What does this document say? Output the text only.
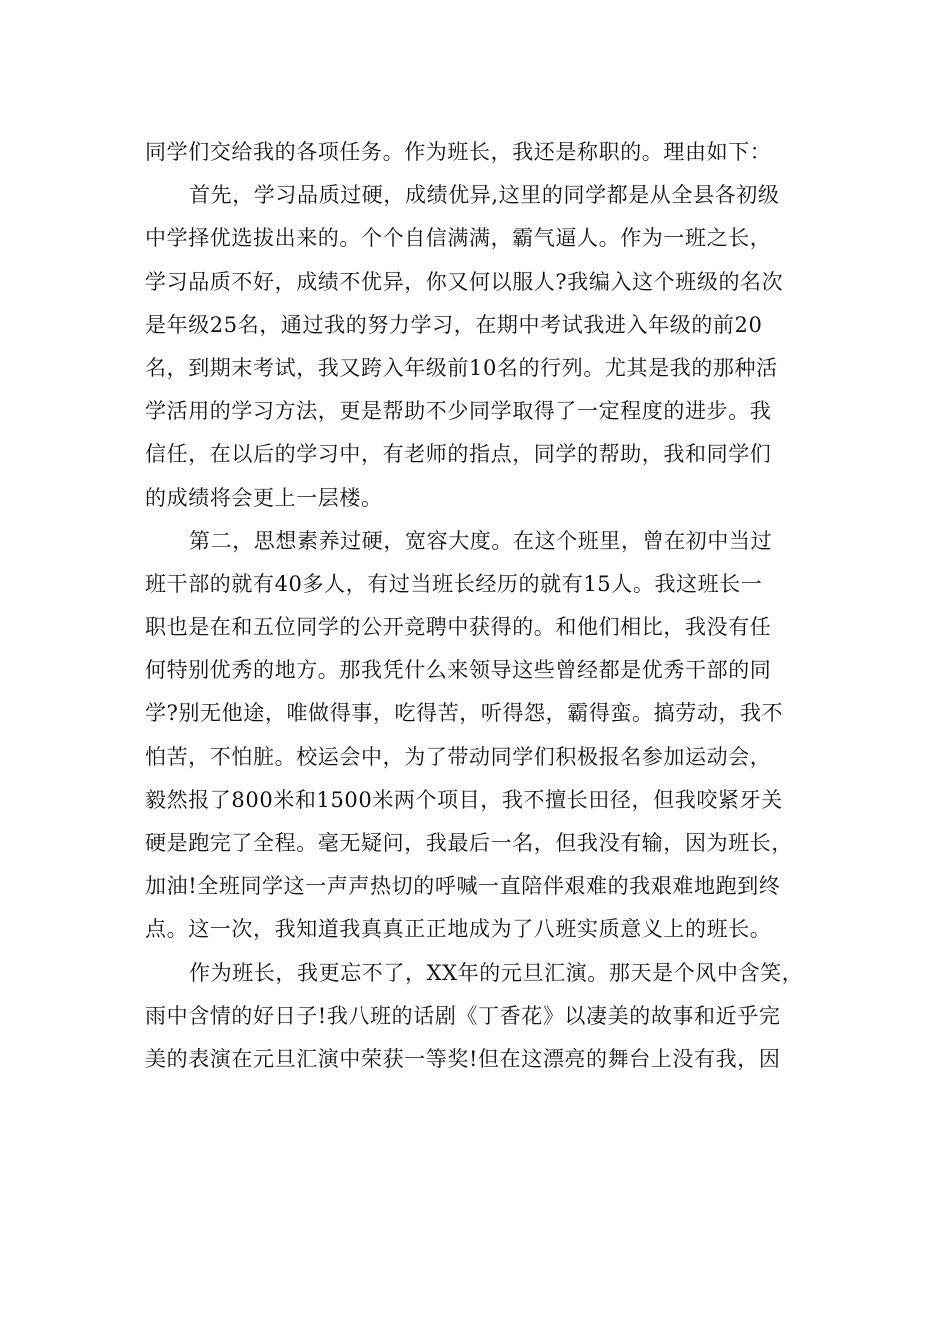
同学们交给我的各项任务。作为班长，我还是称职的。理由如下：
首先，学习品质过硬，成绩优异,这里的同学都是从全县各初级
中学择优选拔出来的。个个自信满满，霸气逼人。作为一班之长，
学习品质不好，成绩不优异，你又何以服人?我编入这个班级的名次
是年级25名，通过我的努力学习，在期中考试我进入年级的前20
名，到期末考试，我又跨入年级前10名的行列。尤其是我的那种活
学活用的学习方法，更是帮助不少同学取得了一定程度的进步。我
信任，在以后的学习中，有老师的指点，同学的帮助，我和同学们
的成绩将会更上一层楼。
第二，思想素养过硬，宽容大度。在这个班里，曾在初中当过
班干部的就有40多人，有过当班长经历的就有15人。我这班长一
职也是在和五位同学的公开竞聘中获得的。和他们相比，我没有任
何特别优秀的地方。那我凭什么来领导这些曾经都是优秀干部的同
学?别无他途，唯做得事，吃得苦，听得怨，霸得蛮。搞劳动，我不
怕苦，不怕脏。校运会中，为了带动同学们积极报名参加运动会，
毅然报了800米和1500米两个项目，我不擅长田径，但我咬紧牙关
硬是跑完了全程。毫无疑问，我最后一名，但我没有输，因为班长，
加油!全班同学这一声声热切的呼喊一直陪伴艰难的我艰难地跑到终
点。这一次，我知道我真真正正地成为了八班实质意义上的班长。
作为班长，我更忘不了，XX年的元旦汇演。那天是个风中含笑，
雨中含情的好日子!我八班的话剧《丁香花》以凄美的故事和近乎完
美的表演在元旦汇演中荣获一等奖!但在这漂亮的舞台上没有我，因
